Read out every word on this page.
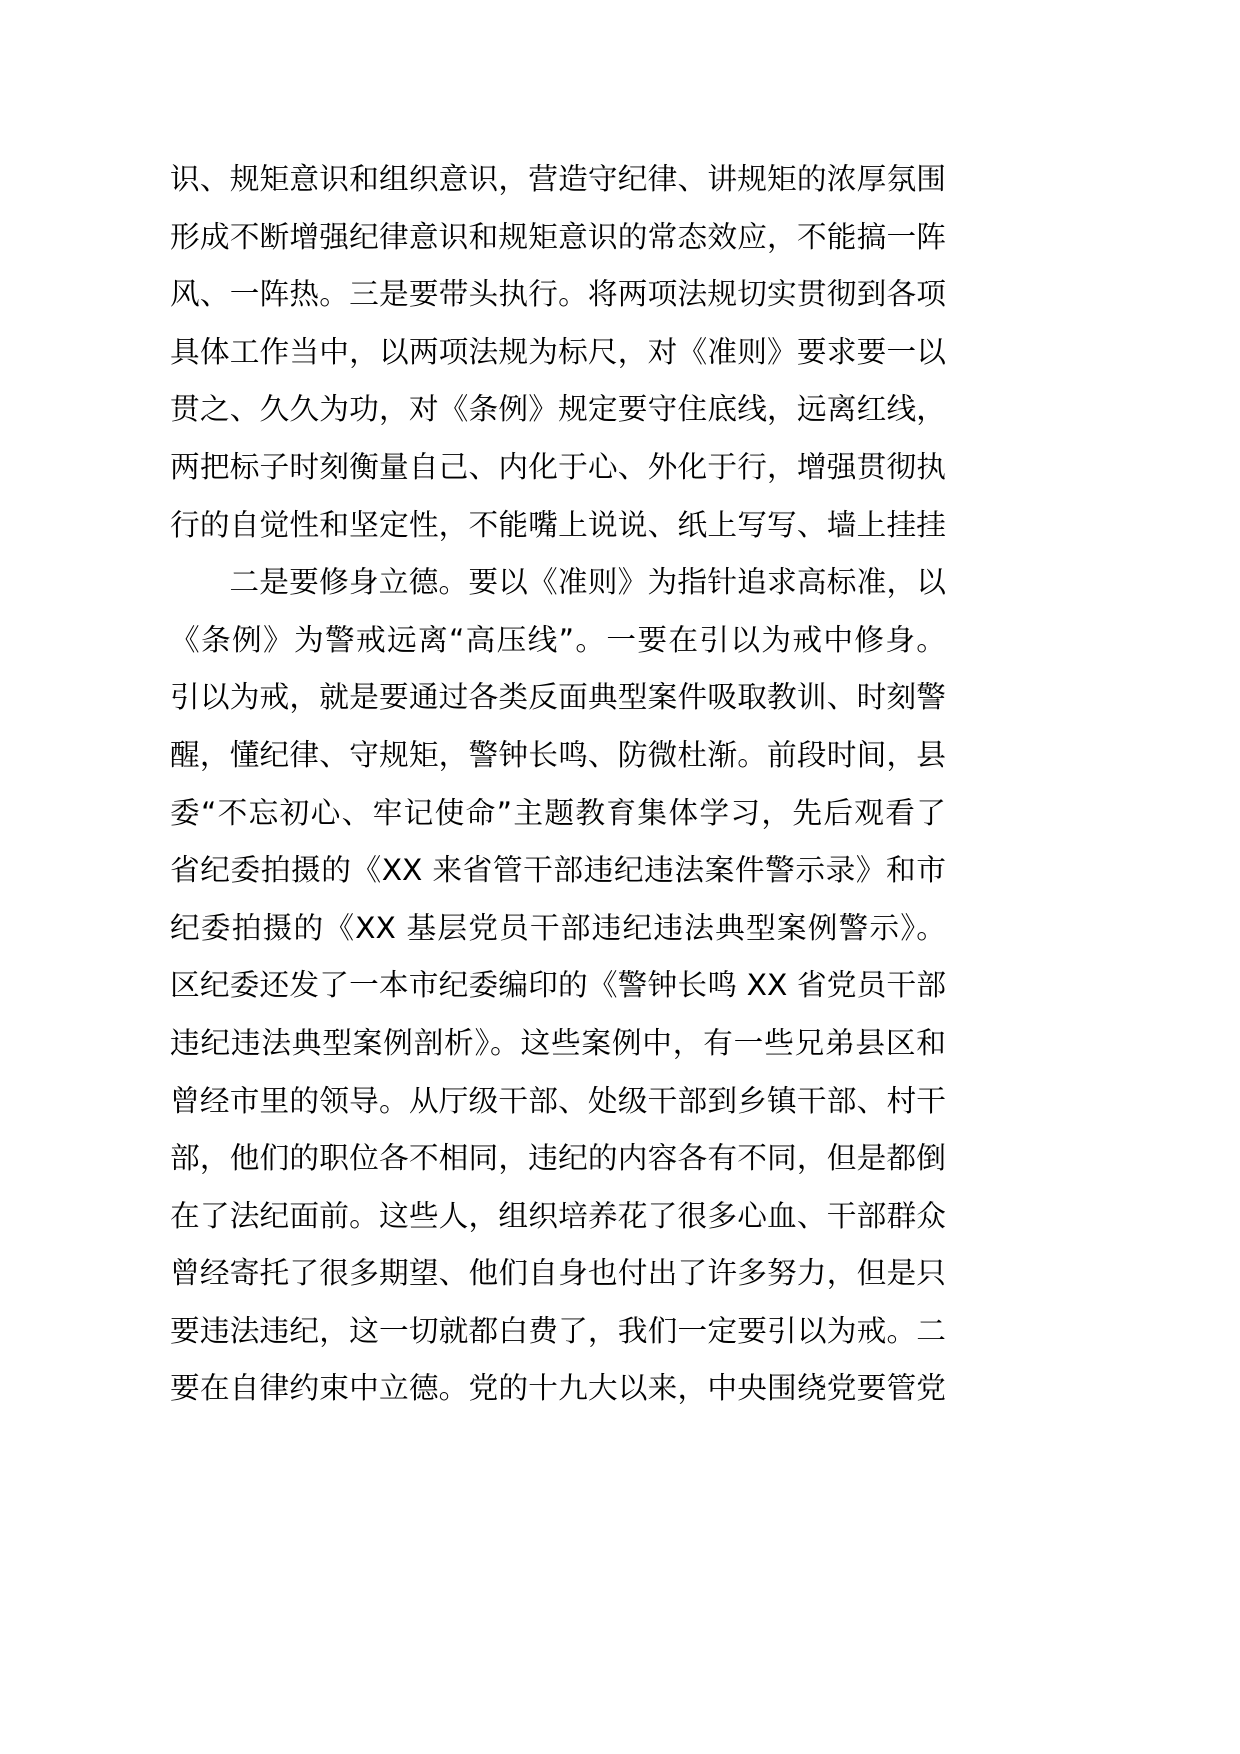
识、规矩意识和组织意识，营造守纪律、讲规矩的浓厚氛围
形成不断增强纪律意识和规矩意识的常态效应，不能搞一阵
风、一阵热。三是要带头执行。将两项法规切实贯彻到各项
具体工作当中，以两项法规为标尺，对《准则》要求要一以
贯之、久久为功，对《条例》规定要守住底线，远离红线，
两把标子时刻衡量自己、内化于心、外化于行，增强贯彻执
行的自觉性和坚定性，不能嘴上说说、纸上写写、墙上挂挂
二是要修身立德。要以《准则》为指针追求高标准，以
《条例》为警戒远离“高压线”。一要在引以为戒中修身。
引以为戒，就是要通过各类反面典型案件吸取教训、时刻警
醒，懂纪律、守规矩，警钟长鸣、防微杜渐。前段时间，县
委“不忘初心、牢记使命”主题教育集体学习，先后观看了
省纪委拍摄的《XX 来省管干部违纪违法案件警示录》和市
纪委拍摄的《XX 基层党员干部违纪违法典型案例警示》。
区纪委还发了一本市纪委编印的《警钟长鸣 XX 省党员干部
违纪违法典型案例剖析》。这些案例中，有一些兄弟县区和
曾经市里的领导。从厅级干部、处级干部到乡镇干部、村干
部，他们的职位各不相同，违纪的内容各有不同，但是都倒
在了法纪面前。这些人，组织培养花了很多心血、干部群众
曾经寄托了很多期望、他们自身也付出了许多努力，但是只
要违法违纪，这一切就都白费了，我们一定要引以为戒。二
要在自律约束中立德。党的十九大以来，中央围绕党要管党
